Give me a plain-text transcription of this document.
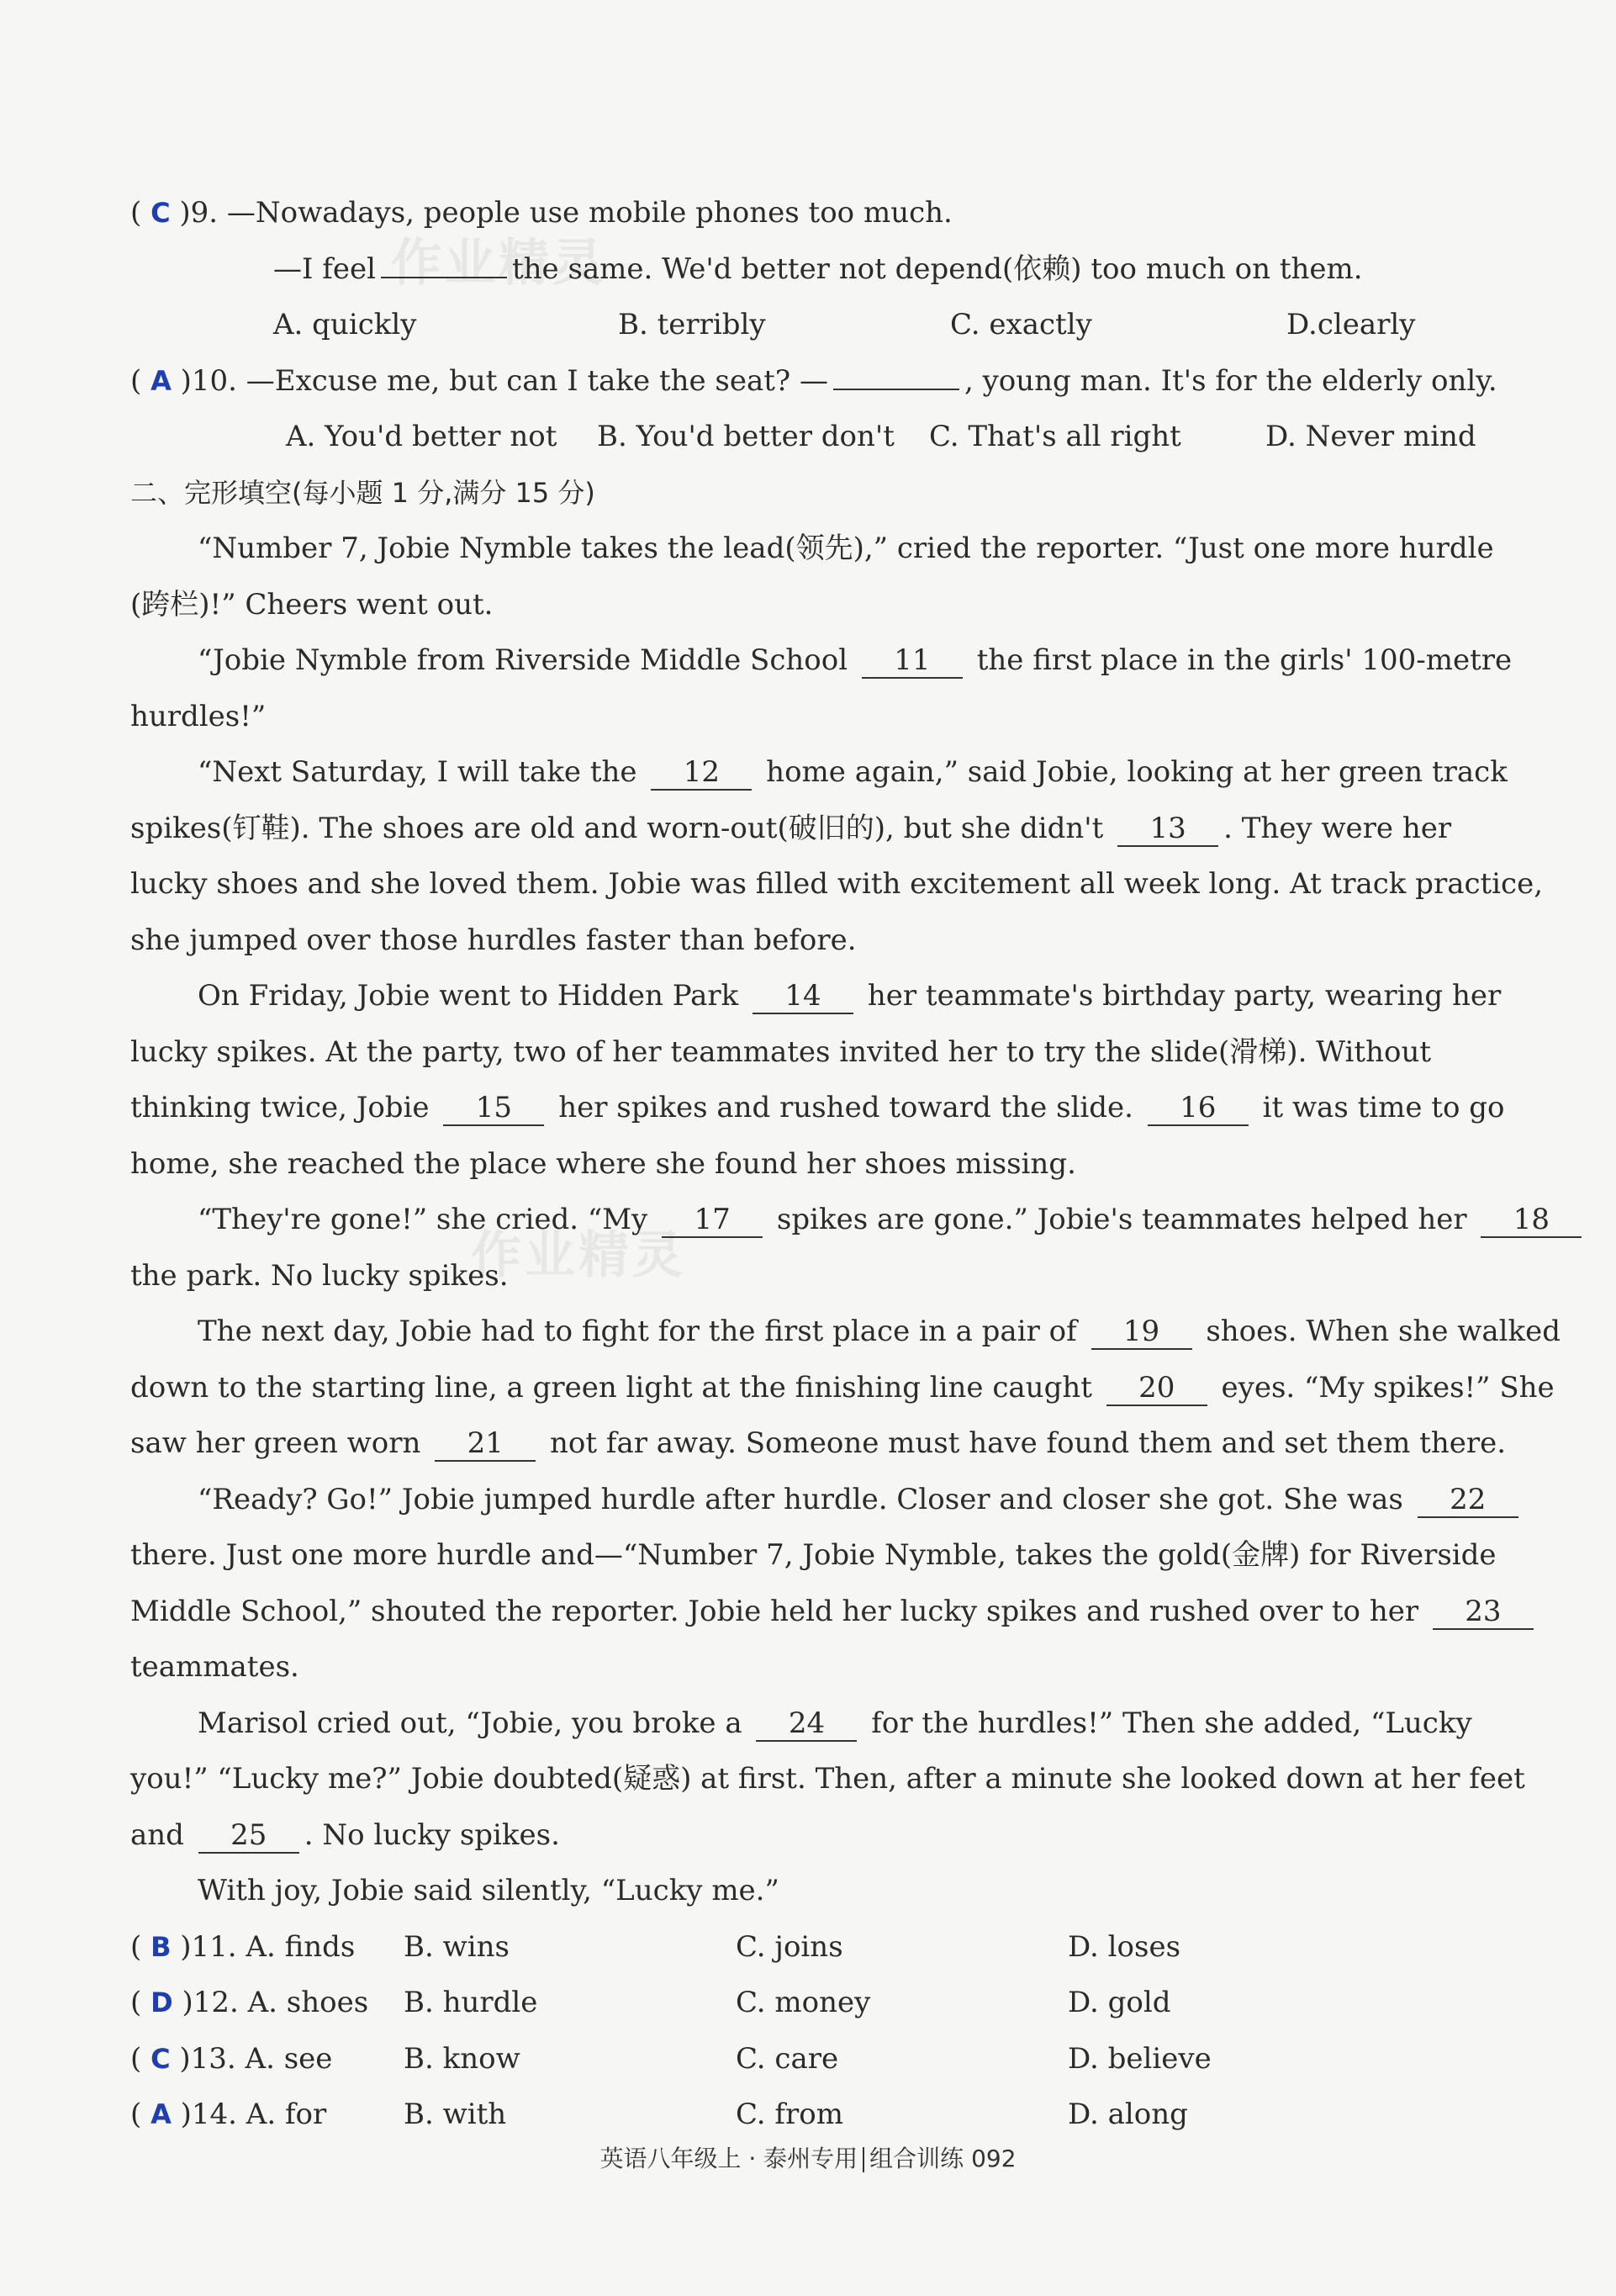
作业精灵
作业精灵
( C )9. —Nowadays, people use mobile phones too much.
—I feel	the same. We'd better not depend(依赖) too much on them.
A. quickly	B. terribly	C. exactly	D.clearly
( A )10. —Excuse me, but can I take the seat? —	, young man. It's for the elderly only.
A. You'd better not	B. You'd better don't	C. That's all right	D. Never mind
二、完形填空(每小题 1 分,满分 15 分)
“Number 7, Jobie Nymble takes the lead(领先),” cried the reporter. “Just one more hurdle
(跨栏)!” Cheers went out.
“Jobie Nymble from Riverside Middle School 11 the first place in the girls' 100-metre
hurdles!”
“Next Saturday, I will take the 12 home again,” said Jobie, looking at her green track
spikes(钉鞋). The shoes are old and worn-out(破旧的), but she didn't 13 . They were her
lucky shoes and she loved them. Jobie was filled with excitement all week long. At track practice,
she jumped over those hurdles faster than before.
On Friday, Jobie went to Hidden Park 14 her teammate's birthday party, wearing her
lucky spikes. At the party, two of her teammates invited her to try the slide(滑梯). Without
thinking twice, Jobie 15 her spikes and rushed toward the slide. 16 it was time to go
home, she reached the place where she found her shoes missing.
“They're gone!” she cried. “My 17 spikes are gone.” Jobie's teammates helped her 18
the park. No lucky spikes.
The next day, Jobie had to fight for the first place in a pair of 19 shoes. When she walked
down to the starting line, a green light at the finishing line caught 20 eyes. “My spikes!” She
saw her green worn 21 not far away. Someone must have found them and set them there.
“Ready? Go!” Jobie jumped hurdle after hurdle. Closer and closer she got. She was 22
there. Just one more hurdle and—“Number 7, Jobie Nymble, takes the gold(金牌) for Riverside
Middle School,” shouted the reporter. Jobie held her lucky spikes and rushed over to her 23
teammates.
Marisol cried out, “Jobie, you broke a 24 for the hurdles!” Then she added, “Lucky
you!” “Lucky me?” Jobie doubted(疑惑) at first. Then, after a minute she looked down at her feet
and 25 . No lucky spikes.
With joy, Jobie said silently, “Lucky me.”
( B )11. A. finds	B. wins	C. joins	D. loses
( D )12. A. shoes	B. hurdle	C. money	D. gold
( C )13. A. see	B. know	C. care	D. believe
( A )14. A. for	B. with	C. from	D. along
英语八年级上 · 泰州专用 组合训练 092
